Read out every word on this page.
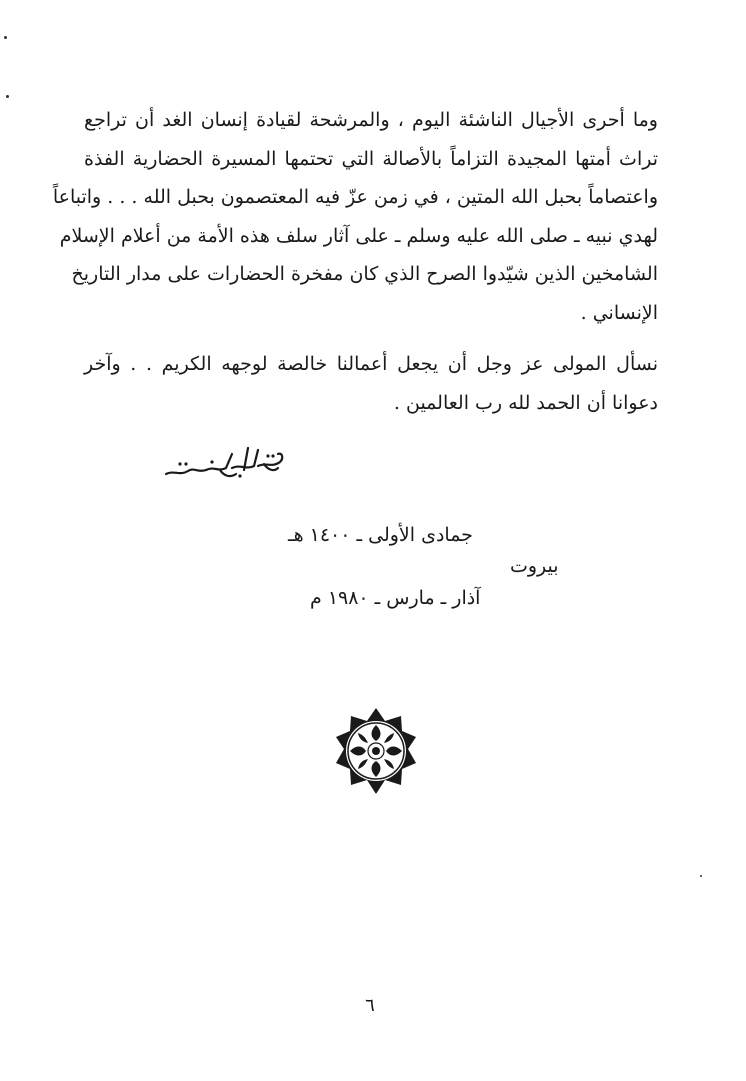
وما أحرى الأجيال الناشئة اليوم ، والمرشحة لقيادة إنسان الغد أن تراجع
تراث أمتها المجيدة التزاماً بالأصالة التي تحتمها المسيرة الحضارية الفذة
واعتصاماً بحبل الله المتين ، في زمن عزّ فيه المعتصمون بحبل الله . . . واتباعاً
لهدي نبيه ـ صلى الله عليه وسلم ـ على آثار سلف هذه الأمة من أعلام الإسلام
الشامخين الذين شيّدوا الصرح الذي كان مفخرة الحضارات على مدار التاريخ
الإنساني .
نسأل المولى عز وجل أن يجعل أعمالنا خالصة لوجهه الكريم . . وآخر
دعوانا أن الحمد لله رب العالمين .
جمادى الأولى ـ ١٤٠٠ هـ
بيروت
آذار ـ مارس ـ ١٩٨٠ م
٦
